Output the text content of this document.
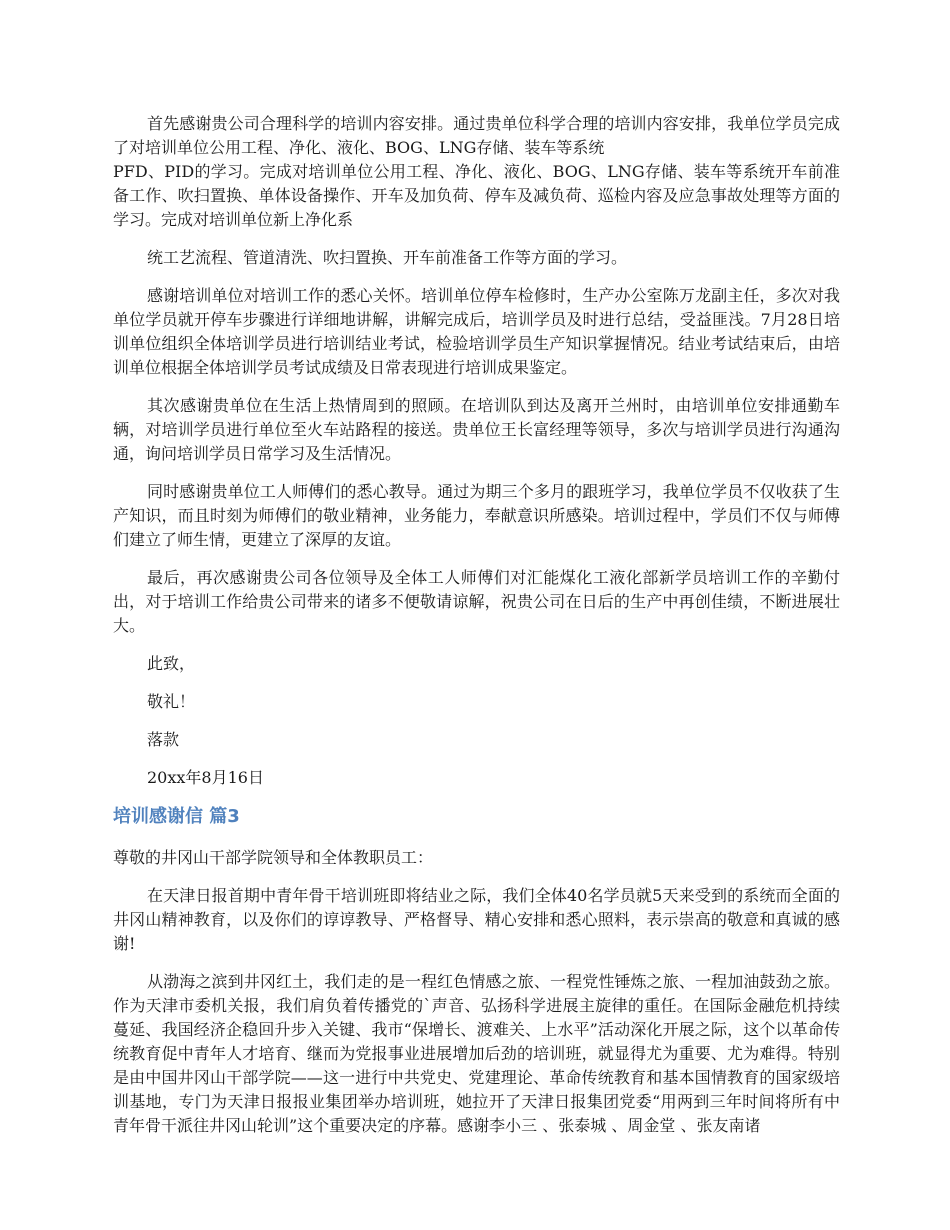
首先感谢贵公司合理科学的培训内容安排。通过贵单位科学合理的培训内容安排，我单位学员完成了对培训单位公用工程、净化、液化、BOG、LNG存储、装车等系统
PFD、PID的学习。完成对培训单位公用工程、净化、液化、BOG、LNG存储、装车等系统开车前准备工作、吹扫置换、单体设备操作、开车及加负荷、停车及减负荷、巡检内容及应急事故处理等方面的学习。完成对培训单位新上净化系

统工艺流程、管道清洗、吹扫置换、开车前准备工作等方面的学习。

感谢培训单位对培训工作的悉心关怀。培训单位停车检修时，生产办公室陈万龙副主任，多次对我单位学员就开停车步骤进行详细地讲解，讲解完成后，培训学员及时进行总结，受益匪浅。7月28日培训单位组织全体培训学员进行培训结业考试，检验培训学员生产知识掌握情况。结业考试结束后，由培训单位根据全体培训学员考试成绩及日常表现进行培训成果鉴定。

其次感谢贵单位在生活上热情周到的照顾。在培训队到达及离开兰州时，由培训单位安排通勤车辆，对培训学员进行单位至火车站路程的接送。贵单位王长富经理等领导，多次与培训学员进行沟通沟通，询问培训学员日常学习及生活情况。

同时感谢贵单位工人师傅们的悉心教导。通过为期三个多月的跟班学习，我单位学员不仅收获了生产知识，而且时刻为师傅们的敬业精神，业务能力，奉献意识所感染。培训过程中，学员们不仅与师傅们建立了师生情，更建立了深厚的友谊。

最后，再次感谢贵公司各位领导及全体工人师傅们对汇能煤化工液化部新学员培训工作的辛勤付出，对于培训工作给贵公司带来的诸多不便敬请谅解，祝贵公司在日后的生产中再创佳绩，不断进展壮大。

此致，

敬礼！

落款

20xx年8月16日

培训感谢信 篇3

尊敬的井冈山干部学院领导和全体教职员工：

在天津日报首期中青年骨干培训班即将结业之际，我们全体40名学员就5天来受到的系统而全面的井冈山精神教育，以及你们的谆谆教导、严格督导、精心安排和悉心照料，表示崇高的敬意和真诚的感谢!

从渤海之滨到井冈红土，我们走的是一程红色情感之旅、一程党性锤炼之旅、一程加油鼓劲之旅。作为天津市委机关报，我们肩负着传播党的`声音、弘扬科学进展主旋律的重任。在国际金融危机持续蔓延、我国经济企稳回升步入关键、我市“保增长、渡难关、上水平”活动深化开展之际，这个以革命传统教育促中青年人才培育、继而为党报事业进展增加后劲的培训班，就显得尤为重要、尤为难得。特别是由中国井冈山干部学院——这一进行中共党史、党建理论、革命传统教育和基本国情教育的国家级培训基地，专门为天津日报报业集团举办培训班，她拉开了天津日报集团党委“用两到三年时间将所有中青年骨干派往井冈山轮训”这个重要决定的序幕。感谢李小三 、张泰城 、周金堂 、张友南诸
